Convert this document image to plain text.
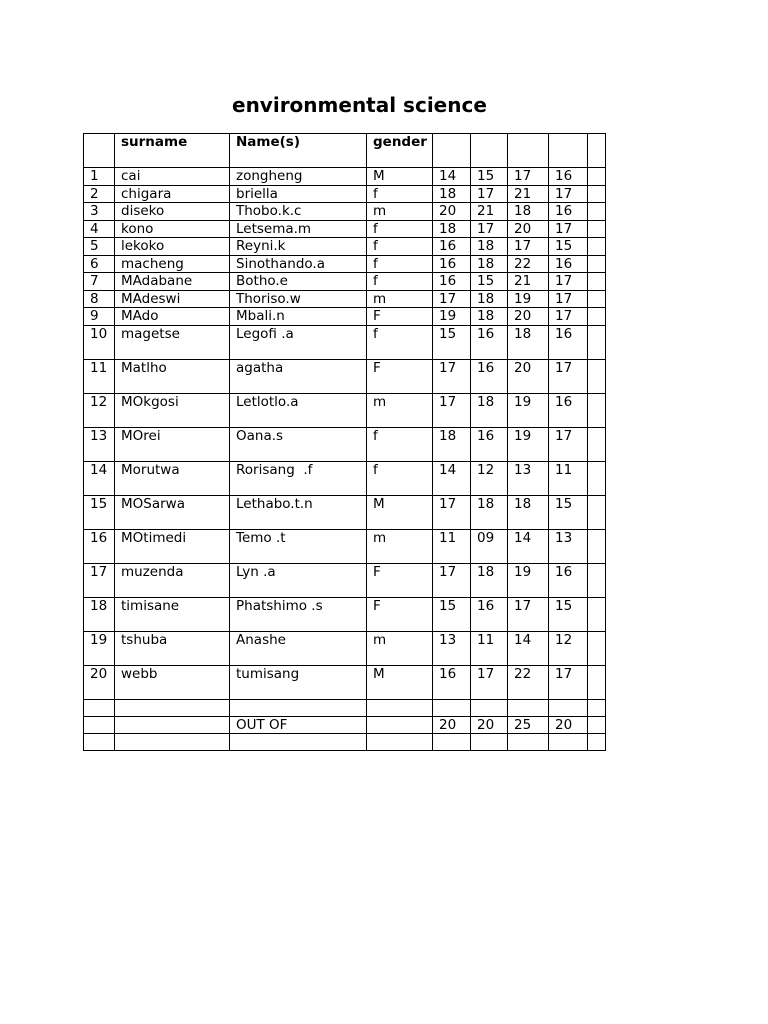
environmental science
	surname	Name(s)	gender					
1	cai	zongheng	M	14	15	17	16	
2	chigara	briella	f	18	17	21	17	
3	diseko	Thobo.k.c	m	20	21	18	16	
4	kono	Letsema.m	f	18	17	20	17	
5	lekoko	Reyni.k	f	16	18	17	15	
6	macheng	Sinothando.a	f	16	18	22	16	
7	MAdabane	Botho.e	f	16	15	21	17	
8	MAdeswi	Thoriso.w	m	17	18	19	17	
9	MAdo	Mbali.n	F	19	18	20	17	
10	magetse	Legofi .a	f	15	16	18	16	
11	Matlho	agatha	F	17	16	20	17	
12	MOkgosi	Letlotlo.a	m	17	18	19	16	
13	MOrei	Oana.s	f	18	16	19	17	
14	Morutwa	Rorisang  .f	f	14	12	13	11	
15	MOSarwa	Lethabo.t.n	M	17	18	18	15	
16	MOtimedi	Temo .t	m	11	09	14	13	
17	muzenda	Lyn .a	F	17	18	19	16	
18	timisane	Phatshimo .s	F	15	16	17	15	
19	tshuba	Anashe	m	13	11	14	12	
20	webb	tumisang	M	16	17	22	17	

		OUT OF		20	20	25	20	
